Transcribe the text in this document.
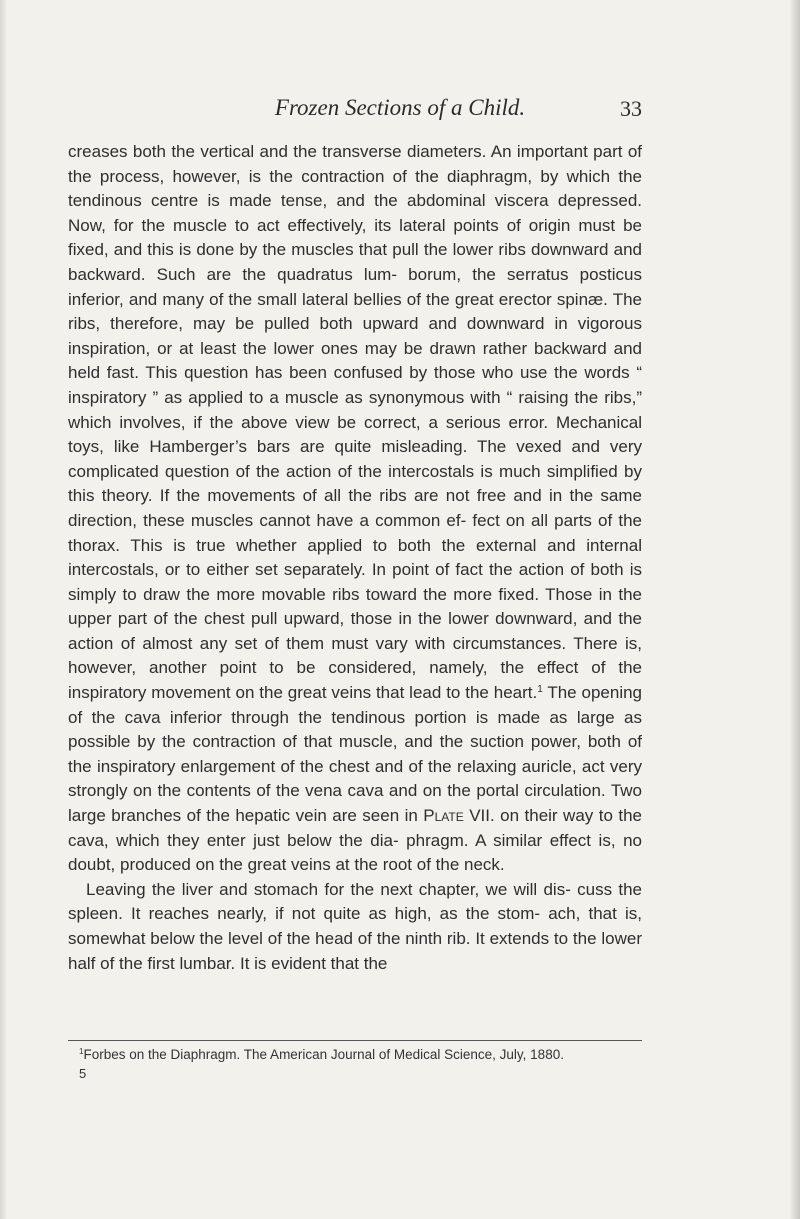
Frozen Sections of a Child.	33

creases both the vertical and the transverse diameters. An important part of the process, however, is the contraction of the diaphragm, by which the tendinous centre is made tense, and the abdominal viscera depressed. Now, for the muscle to act effectively, its lateral points of origin must be fixed, and this is done by the muscles that pull the lower ribs downward and backward. Such are the quadratus lum- borum, the serratus posticus inferior, and many of the small lateral bellies of the great erector spinæ. The ribs, therefore, may be pulled both upward and downward in vigorous inspiration, or at least the lower ones may be drawn rather backward and held fast. This question has been confused by those who use the words “ inspiratory ” as applied to a muscle as synonymous with “ raising the ribs,” which involves, if the above view be correct, a serious error. Mechanical toys, like Hamberger’s bars are quite misleading. The vexed and very complicated question of the action of the intercostals is much simplified by this theory. If the movements of all the ribs are not free and in the same direction, these muscles cannot have a common ef- fect on all parts of the thorax. This is true whether applied to both the external and internal intercostals, or to either set separately. In point of fact the action of both is simply to draw the more movable ribs toward the more fixed. Those in the upper part of the chest pull upward, those in the lower downward, and the action of almost any set of them must vary with circumstances. There is, however, another point to be considered, namely, the effect of the inspiratory movement on the great veins that lead to the heart.$^1$ The opening of the cava inferior through the tendinous portion is made as large as possible by the contraction of that muscle, and the suction power, both of the inspiratory enlargement of the chest and of the relaxing auricle, act very strongly on the contents of the vena cava and on the portal circulation. Two large branches of the hepatic vein are seen in Plate VII. on their way to the cava, which they enter just below the dia- phragm. A similar effect is, no doubt, produced on the great veins at the root of the neck.

Leaving the liver and stomach for the next chapter, we will dis- cuss the spleen. It reaches nearly, if not quite as high, as the stom- ach, that is, somewhat below the level of the head of the ninth rib. It extends to the lower half of the first lumbar. It is evident that the

$^1$Forbes on the Diaphragm. The American Journal of Medical Science, July, 1880.
5
